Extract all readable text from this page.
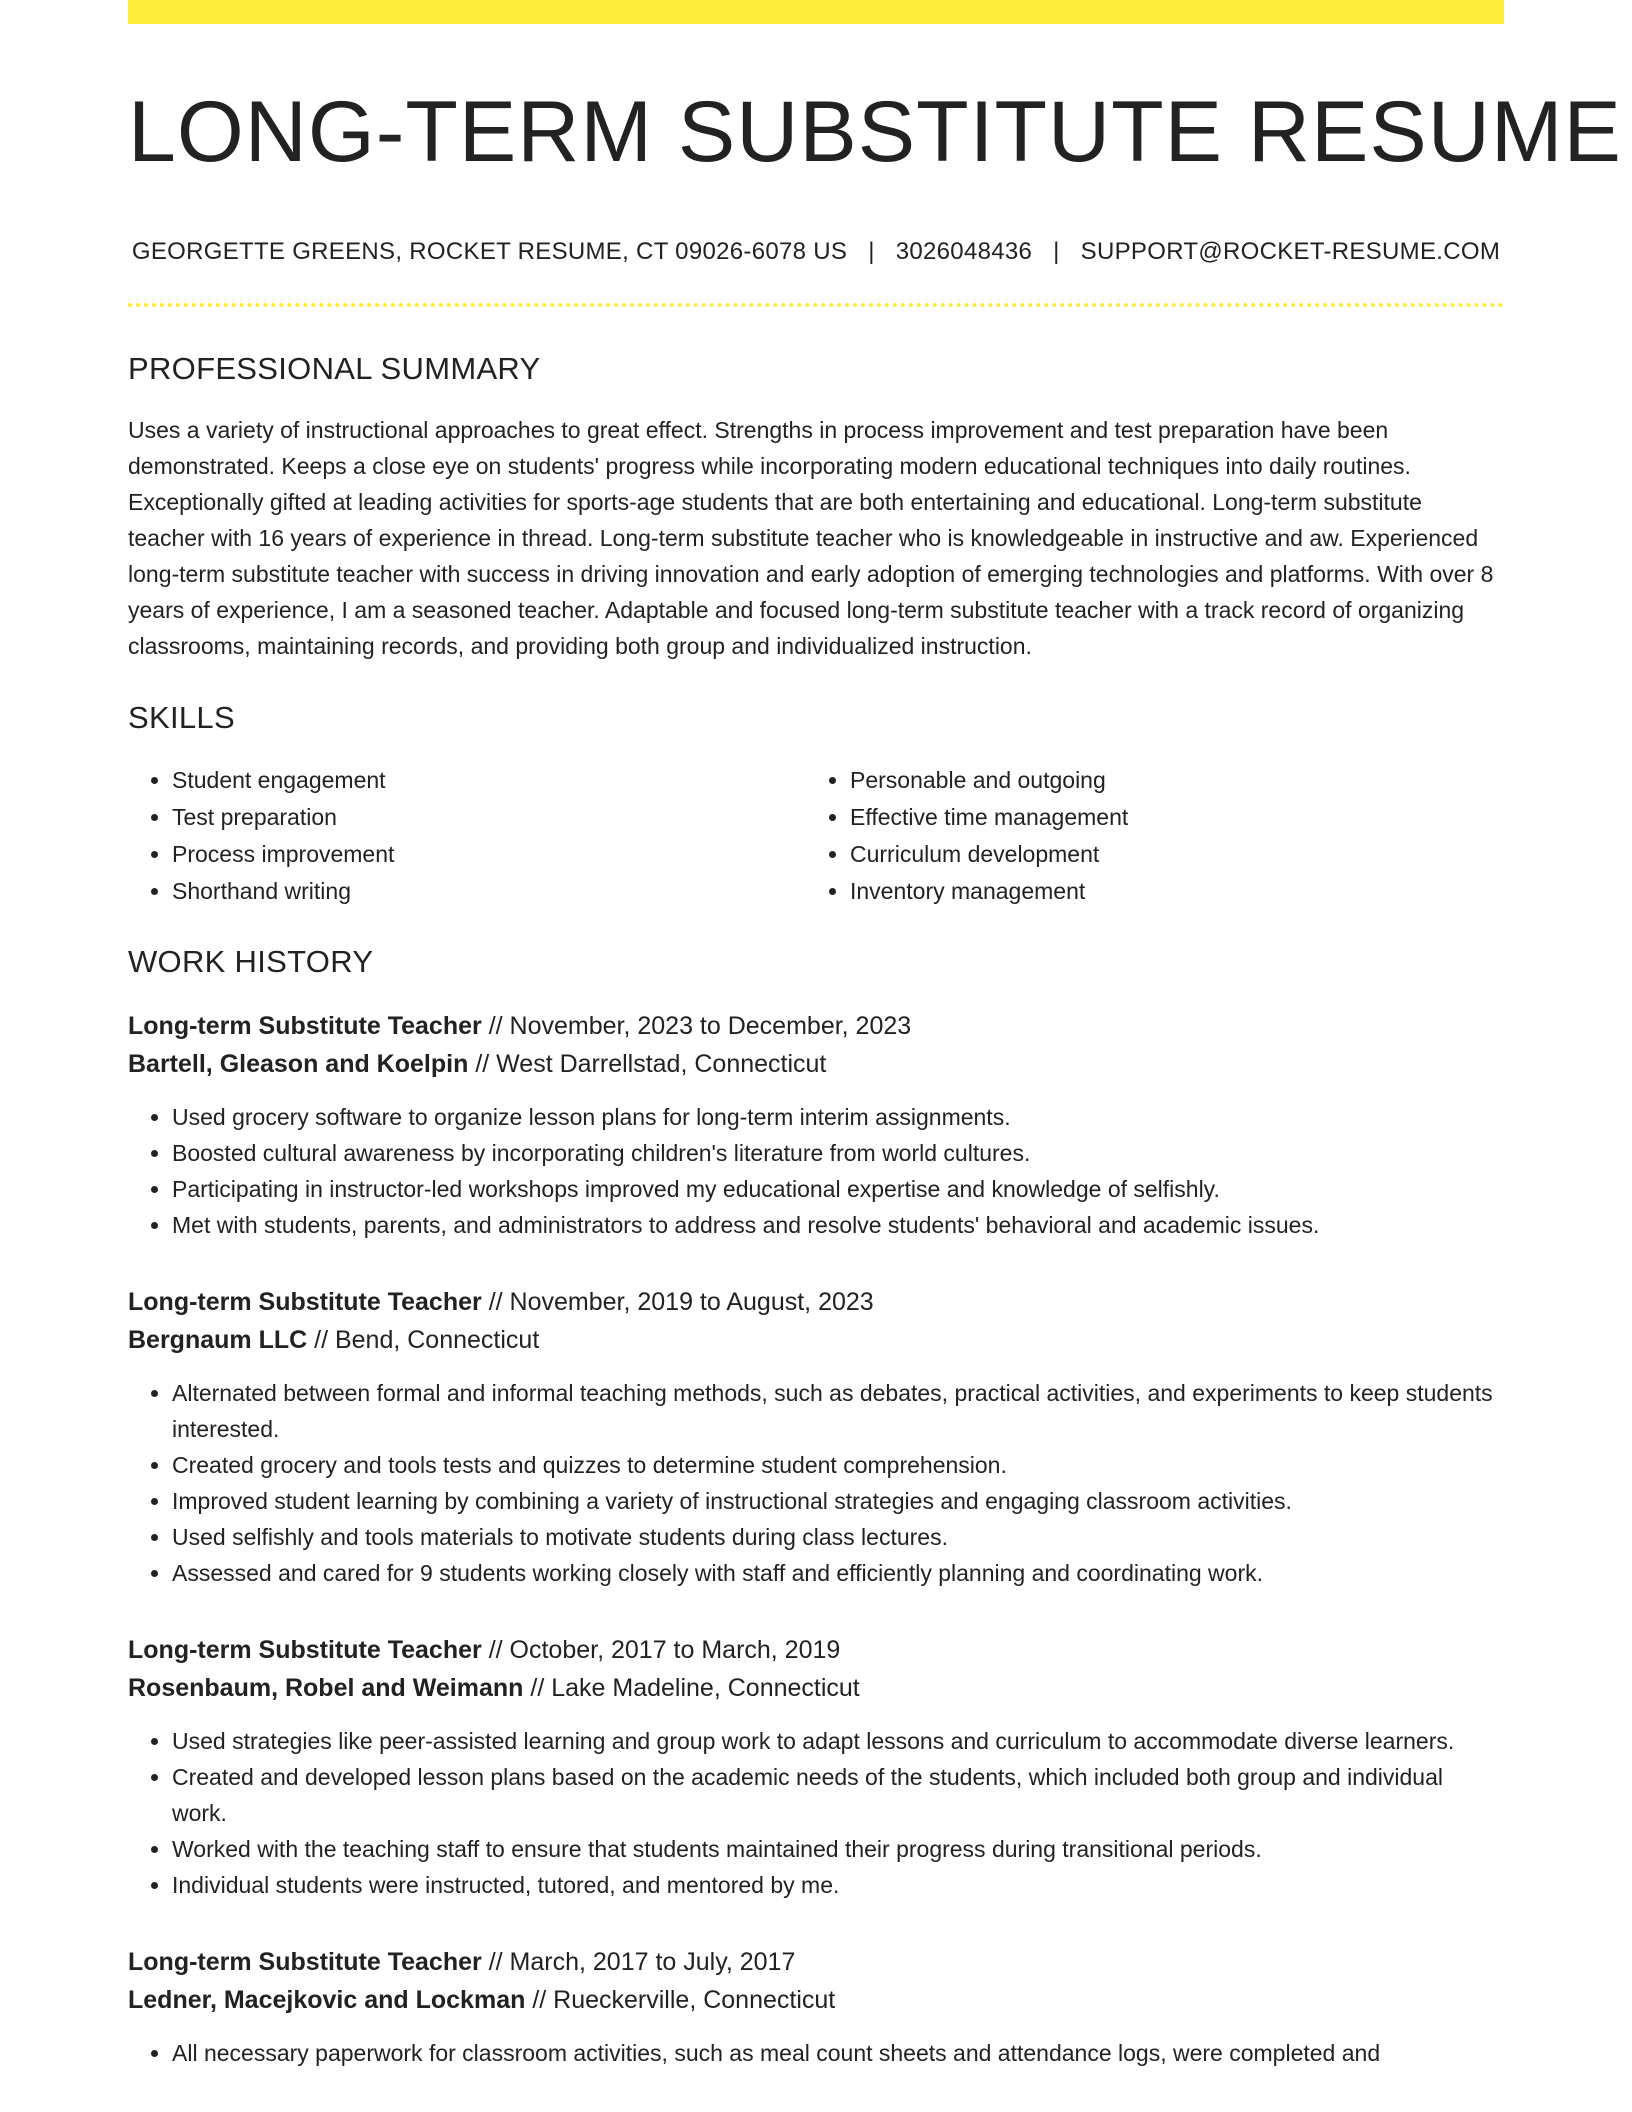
LONG-TERM SUBSTITUTE RESUME
GEORGETTE GREENS, ROCKET RESUME, CT 09026-6078 US | 3026048436 | SUPPORT@ROCKET-RESUME.COM
PROFESSIONAL SUMMARY

Uses a variety of instructional approaches to great effect. Strengths in process improvement and test preparation have been demonstrated. Keeps a close eye on students' progress while incorporating modern educational techniques into daily routines. Exceptionally gifted at leading activities for sports-age students that are both entertaining and educational. Long-term substitute teacher with 16 years of experience in thread. Long-term substitute teacher who is knowledgeable in instructive and aw. Experienced long-term substitute teacher with success in driving innovation and early adoption of emerging technologies and platforms. With over 8 years of experience, I am a seasoned teacher. Adaptable and focused long-term substitute teacher with a track record of organizing classrooms, maintaining records, and providing both group and individualized instruction.

SKILLS
• Student engagement
• Test preparation
• Process improvement
• Shorthand writing
• Personable and outgoing
• Effective time management
• Curriculum development
• Inventory management
WORK HISTORY
Long-term Substitute Teacher // November, 2023 to December, 2023
Bartell, Gleason and Koelpin // West Darrellstad, Connecticut
• Used grocery software to organize lesson plans for long-term interim assignments.
• Boosted cultural awareness by incorporating children's literature from world cultures.
• Participating in instructor-led workshops improved my educational expertise and knowledge of selfishly.
• Met with students, parents, and administrators to address and resolve students' behavioral and academic issues.
Long-term Substitute Teacher // November, 2019 to August, 2023
Bergnaum LLC // Bend, Connecticut
• Alternated between formal and informal teaching methods, such as debates, practical activities, and experiments to keep students interested.
• Created grocery and tools tests and quizzes to determine student comprehension.
• Improved student learning by combining a variety of instructional strategies and engaging classroom activities.
• Used selfishly and tools materials to motivate students during class lectures.
• Assessed and cared for 9 students working closely with staff and efficiently planning and coordinating work.
Long-term Substitute Teacher // October, 2017 to March, 2019
Rosenbaum, Robel and Weimann // Lake Madeline, Connecticut
• Used strategies like peer-assisted learning and group work to adapt lessons and curriculum to accommodate diverse learners.
• Created and developed lesson plans based on the academic needs of the students, which included both group and individual work.
• Worked with the teaching staff to ensure that students maintained their progress during transitional periods.
• Individual students were instructed, tutored, and mentored by me.
Long-term Substitute Teacher // March, 2017 to July, 2017
Ledner, Macejkovic and Lockman // Rueckerville, Connecticut
• All necessary paperwork for classroom activities, such as meal count sheets and attendance logs, were completed and
